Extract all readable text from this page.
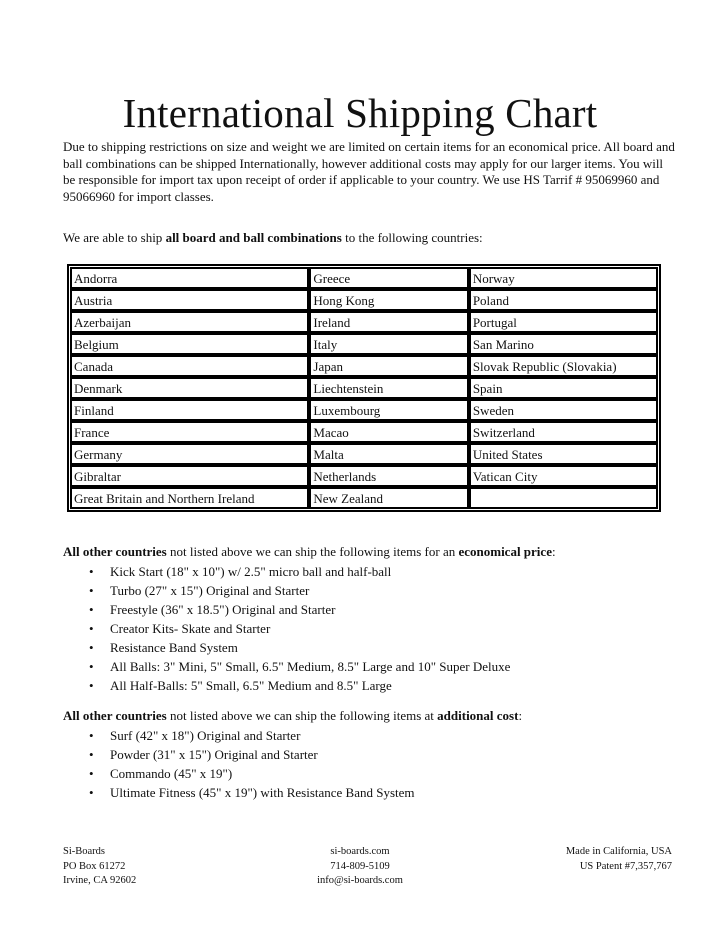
International Shipping Chart

Due to shipping restrictions on size and weight we are limited on certain items for an economical price. All board and ball combinations can be shipped Internationally, however additional costs may apply for our larger items. You will be responsible for import tax upon receipt of order if applicable to your country. We use HS Tarrif # 95069960 and 95066960 for import classes.

We are able to ship all board and ball combinations to the following countries:

Andorra	Greece	Norway
Austria	Hong Kong	Poland
Azerbaijan	Ireland	Portugal
Belgium	Italy	San Marino
Canada	Japan	Slovak Republic (Slovakia)
Denmark	Liechtenstein	Spain
Finland	Luxembourg	Sweden
France	Macao	Switzerland
Germany	Malta	United States
Gibraltar	Netherlands	Vatican City
Great Britain and Northern Ireland	New Zealand	
All other countries not listed above we can ship the following items for an economical price:
• Kick Start (18" x 10") w/ 2.5" micro ball and half-ball
• Turbo (27" x 15") Original and Starter
• Freestyle (36" x 18.5") Original and Starter
• Creator Kits- Skate and Starter
• Resistance Band System
• All Balls: 3" Mini, 5" Small, 6.5" Medium, 8.5" Large and 10" Super Deluxe
• All Half-Balls: 5" Small, 6.5" Medium and 8.5" Large
All other countries not listed above we can ship the following items at additional cost:
• Surf (42" x 18") Original and Starter
• Powder (31" x 15") Original and Starter
• Commando (45" x 19")
• Ultimate Fitness (45" x 19") with Resistance Band System
Si-Boards
PO Box 61272
Irvine, CA 92602
si-boards.com
714-809-5109
info@si-boards.com
Made in California, USA
US Patent #7,357,767
